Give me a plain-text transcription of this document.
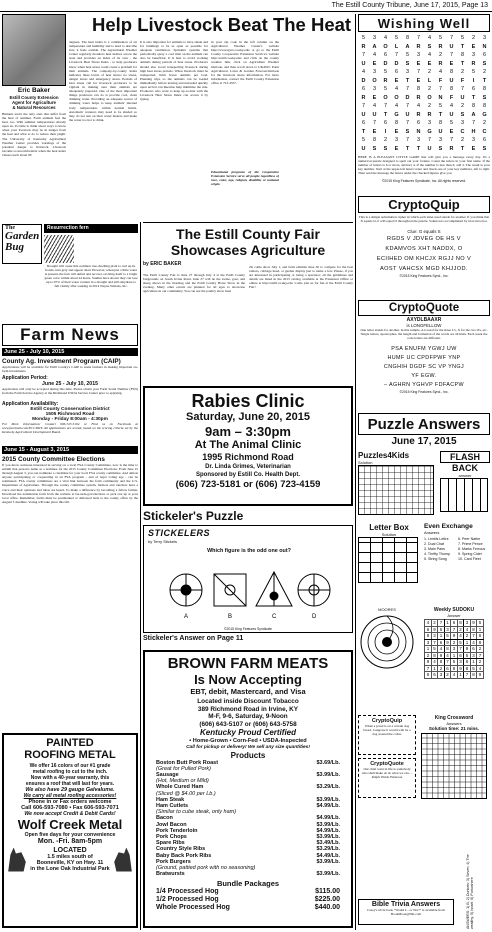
The Estill County Tribune, June 17, 2015, Page 13
Help Livestock Beat The Heat
Eric Baker
Estill County Extension
Agent for Agriculture
& Natural Resources
Humans aren't the only ones that suffer from the heat of summer. Farm animals feel the heat, too. With summer temperatures already upon us, it's time to think about ways to know when your livestock may be in danger from the heat and what to do to reduce their plight. The University of Kentucky Agricultural Weather Center provides warnings of the potential danger to livestock. Livestock become so uncomfortable when the heat index values reach about 90
degrees. The heat index is a combination of air temperature and humidity and is used to describe how it feels outside. The Agricultural Weather Center regularly monitors heat indices across the state and provides an index of its own - the Livestock Heat Stress Index - to help producers know when heat stress could create a problem for their animals. The company-by-county index indicates three levels of heat stress: no stress, danger stress and emergency stress. Periods of heat stress call for livestock producers to be vigilant in making sure their animals are adequately prepared. One of the most important things producers can do is provide cool, clean drinking water. Providing an adequate source of drinking water helps to keep animals' internal body temperatures within normal limits. Automatic waterers may need to be shaded so they do not sun on their water heaters and make the water too hot to drink.
It is also important for animals to have shade and for buildings to be as open as possible for adequate ventilation. Sprinkler systems that periodically spray a cool mist on the animals can also be beneficial. It is best to avoid working animals during periods of heat stress. Producers should also avoid transporting livestock during high heat stress periods. When livestock must be transported, limit fewer animals per load. Planning trips so the animals can be loaded immediately before leaving and unloaded quickly upon arrival can likewise help minimize the risk. Producers who want to keep up-to-date with the Livestock Heat Stress Index can access it by typing
in your zip code in the left column on the Agricultural Weather Center's website http://wwwagwx.ca.uky.edu/ or go to the Estill County Cooperative Extension Service's website http://estill.ca.uky.edu/ and click on the county weather link, click on Agriculture Weather Outlook, and then scroll down to UKAWC Point Agricultural, Lawn & Garden Forecast/Outlook for the livestock stress information. For more information, contact the Estill County Extension office at 723-4557.
Educational programs of the Cooperative Extension Service serve all people regardless of race, color, age, religion, disability or national origin.
The
Garden
Bug
Resurrection fern
Drought will cause this common tree-dwelling plant to curl up its fronds, turn gray and appear dead. However, when just a little water is present, the fern will unfurl and recover, reviving itself to a bright green color within about 24 hours. Studies have shown they can lose up to 97% of their water content in a drought and still rehydrate to full vitality after soaking in 2014 Wayne Nations, Inc.
Farm News
June 25 - July 10, 2015
County Ag. Investment Program (CAIP)
Applications will be available for Estill County's CAIP to assist farmers in making important on-farm investments.
Application Period:
June 25 - July 10, 2015
Application will only be accepted during this time. Please obtain your Farm Serial Number (FSN) from the Farm Service Agency at the Richmond USDA Service Center prior to applying.
Application Availability:
Estill County Conservation District
1505 Richmond Road
Monday - Friday 8:00am - 4:30pm
For More Information: Contact 606-723-5104 or Find us on Facebook at www.facebook.com/ECCDKY. All applications are scored, based on the scoring criteria set by the Kentucky Agricultural Development Board.
June 15 - August 3, 2015
2015 County Committee Elections
If you know someone interested in serving on a local FSA County Committee, now is the time to submit that person's name as a nominee for the 2015 County Committee Elections. From June 15 through August 3, you can nominate a candidate for your local FSA county committee. And almost anyone participating or cooperating in an FSA program - and of legal voting age - can be nominated. FSA county committees are a vital link between the farm community and the U.S. Department of Agriculture. Through the county committee system, farmers and ranchers have a voice and their opinions and ideas are heard. To make a difference by becoming a fellow farmer. Download the nomination form from the website at fsa.usda.gov/elections or pick one up at your local office. Remember, forms must be postmarked or delivered back to the county office by the August 3 deadline. Voting will take place this fall.
PAINTED
ROOFING METAL
We offer 16 colors of our #1 grade
metal roofing to cut to the inch.
Now with a 40-year warranty, this
ensures a roof that will last for years.
We also have 29 gauge Galvalume.
We carry all metal roofing accessories!
Phone in or Fax orders welcome
Call 606-593-7080 • Fax 606-593-7071
We now accept Credit & Debit Cards!
Wolf Creek Metal
Open five days for your convenience
Mon. -Fri. 8am-5pm
LOCATED
1.5 miles south of
Booneville, KY on Hwy. 11
in the Lone Oak Industrial Park
The Estill County Fair
Showcases Agriculture
by ERIC BAKER
The Estill County Fair is June 27 through July 4 at the Estill County fairgrounds on South Irvine Road. June 27 will be the swine, goat, and sheep shows in the morning and the Estill County Horse Show in the evening. Many other events are planned for all ages to showcase agriculture in our community. You can see the poultry show June
29, cattle show July 1, and farm exhibits June 30 to compete for the best tomato, cabbage head, or garden display just to name a few. Please, if you are interested in participating or being a spectator, all the guidelines and details are listed in the 2015 catalog available at the Extension Office or online at http://estill.ca.uky.edu. Come join us for fun at the Estill County Fair!
Rabies Clinic
Saturday, June 20, 2015
9am – 3:30pm
At The Animal Clinic
1995 Richmond Road
Dr. Linda Grimes, Veterinarian
Sponsored by Estill Co. Health Dept.
(606) 723-5181 or (606) 723-4159
Stickeler's Puzzle
STICKELERS
by Terry Stickels
Which figure is the odd one out?
A	B	C	D
©2015 King Features Syndicate
Stickeler's Answer on Page 11
BROWN FARM MEATS
Is Now Accepting
EBT, debit, Mastercard, and Visa
Located inside Discount Tobacco
389 Richmond Road in Irvine, KY
M-F, 9-6, Saturday, 9-Noon
(606) 643-5107 or (606) 643-5758
Kentucky Proud Certified
• Home-Grown • Corn-Fed • USDA-Inspected
Call for pickup or delivery! We sell any size quantities!
Products
Boston Butt Pork Roast	$3.69/Lb.
(Great for Pulled Pork)
Sausage	$3.99/Lb.
(Hot, Medium or Mild)
Whole Cured Ham	$3.29/Lb.
(Sliced @ $4.00 per Lb.)
Ham Steak	$3.99/Lb.
Ham Cutlets	$4.99/Lb.
(Similar to cube steak, only ham)
Bacon	$4.99/Lb.
Jowl Bacon	$3.99/Lb.
Pork Tenderloin	$4.99/Lb.
Pork Chops	$3.99/Lb.
Spare Ribs	$3.49/Lb.
Country Style Ribs	$3.29/Lb.
Baby Back Pork Ribs	$4.49/Lb.
Pork Burgers	$3.99/Lb.
(Ground, pattied pork with no seasoning)
Bratwursts	$3.99/Lb.
Bundle Packages
1/4 Processed Hog	$115.00
1/2 Processed Hog	$225.00
Whole Processed Hog	$440.00
Wishing Well
5	3	4	5	8	7	4	5	7	5	2	3
R	A	O	L	A	R	S	R	U	T	E	N
7	4	6	7	5	3	4	2	7	8	3	6
U	E	D	D	S	E	E	R	E	T	R	S
4	3	5	6	3	7	2	4	8	2	5	2
D	O	R	E	T	E	L	F	U	F	I	T
6	3	5	4	7	8	2	7	8	7	6	8
R	E	O	O	D	R	O	N	F	U	T	S
7	4	7	4	7	4	2	5	4	2	8	8
U	U	T	G	U	R	R	T	U	S	A	G
6	7	6	8	7	6	3	8	5	3	7	2
T	E	I	E	S	N	G	U	E	C	H	C
5	8	2	3	7	3	7	3	7	2	3	6
U	S	S	E	T	T	U	S	R	T	E	S
HERE IS A PLEASANT LITTLE GAME that will give you a message every day. It's a numerical puzzle designed to spell out your fortune. Count the letters in your first name. If the number of letters is 6 or more, subtract 4. If the number is less than 6, add 3. The result is your key number. Start at the upper-left hand corner and check one of your key numbers, left to right. Then read the message the letters under the checked figures give you.
©2015 King Features Syndicate, Inc. All rights reserved.
CryptoQuip
This is a simple substitution cipher in which each letter used stands for another. If you think that X equals O, it will equal O throughout the puzzle. Solution is accomplished by trial and error.
Clue: G equals S
RGDS V JDVEG OE HS V
KDAMVOS XHT NADDX, O
ECIIHED OM KHCJX RGJJ NO V
AOST VAHCSX MGD KHJJOD.
©2015 King Features Synd., Inc.
CryptoQuote
AXYDLBAAXR
is LONGFELLOW
One letter stands for another. In this sample, A is used for the three L's, X for the two O's, etc. Single letters, apostrophes, the length and formation of the words are all hints. Each week the code letters are different.
PSA ENUFM YGWJ UW
HUMF UC CPDFPWF YNP
CNGHIH DGDF SC VP YNGJ
YF EGW.
– AGHRN YGHVP FDFACPW
©2015 King Features Synd., Inc.
Puzzle Answers
June 17, 2015
Puzzles4Kids
Solution
FLASH
BACK
answer
Letter Box
Solution
Even Exchange
Answers
1. Lentils Lettre	6. Peer Nathe
2. Dual Chat	7. Prime Pence
3. Main Pairs	8. Marks Ferrous
4. Thrifty Thomp	9. Spring Cider
5. String Song	10. Card Fleet
MOORES	Weekly SUDOKU
Answer
4	2	7	1	6	8	3	9	5
6	9	5	3	7	2	4	8	1
8	3	1	5	9	4	2	7	6
3	7	6	9	2	5	1	4	8
1	5	4	8	3	7	9	6	2
2	8	9	4	1	6	5	3	7
9	4	8	7	5	3	6	1	2
7	1	2	6	8	9	8	5	4
5	6	3	2	4	1	7	8	9
CryptoQuip
When a jewel is on a certain dog breed, I suppose it would well be a dog around the collar.
CryptoQuote
Our chief want in life is somebody who shall make us do what we can. – Ralph Waldo Emerson
King Crossword
Answers
Solution time: 21 mins.
Bible Trivia Answers
Casey's trivia book "Would I... or Not?" is available from BookMoon@NK.com	ANSWERS: 1) B; 2) Dunkels; 3) Seven; 4) The wealthy; 5) Israel; 6) Purkoshere
